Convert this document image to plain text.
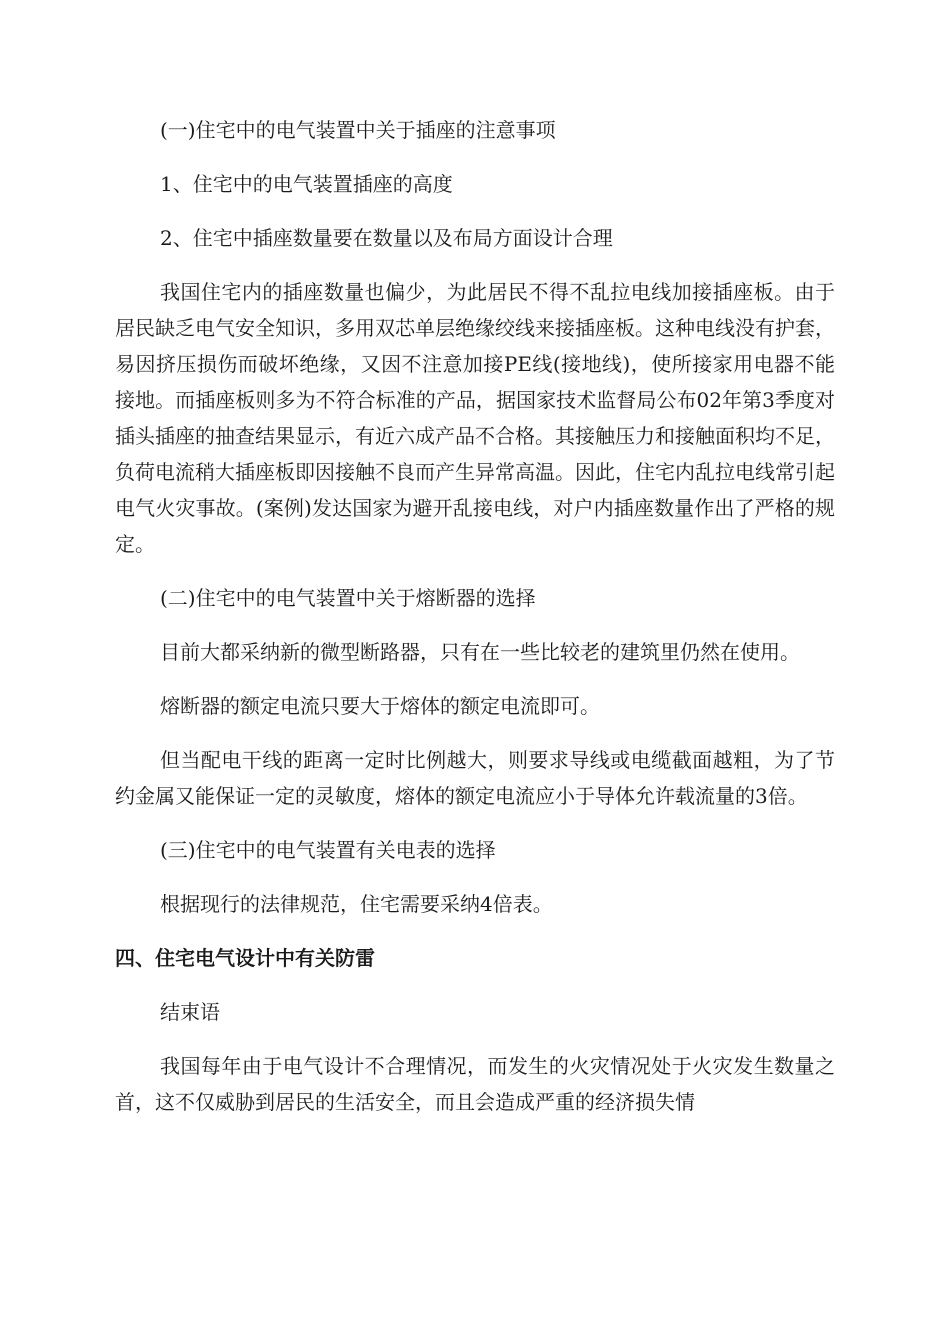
(一)住宅中的电气装置中关于插座的注意事项

1、住宅中的电气装置插座的高度

2、住宅中插座数量要在数量以及布局方面设计合理

我国住宅内的插座数量也偏少，为此居民不得不乱拉电线加接插座板。由于居民缺乏电气安全知识，多用双芯单层绝缘绞线来接插座板。这种电线没有护套，易因挤压损伤而破坏绝缘，又因不注意加接PE线(接地线)，使所接家用电器不能接地。而插座板则多为不符合标准的产品，据国家技术监督局公布02年第3季度对插头插座的抽查结果显示，有近六成产品不合格。其接触压力和接触面积均不足，负荷电流稍大插座板即因接触不良而产生异常高温。因此，住宅内乱拉电线常引起电气火灾事故。(案例)发达国家为避开乱接电线，对户内插座数量作出了严格的规定。

(二)住宅中的电气装置中关于熔断器的选择

目前大都采纳新的微型断路器，只有在一些比较老的建筑里仍然在使用。

熔断器的额定电流只要大于熔体的额定电流即可。

但当配电干线的距离一定时比例越大，则要求导线或电缆截面越粗，为了节约金属又能保证一定的灵敏度，熔体的额定电流应小于导体允许载流量的3倍。

(三)住宅中的电气装置有关电表的选择

根据现行的法律规范，住宅需要采纳4倍表。

四、住宅电气设计中有关防雷

结束语

我国每年由于电气设计不合理情况，而发生的火灾情况处于火灾发生数量之首，这不仅威胁到居民的生活安全，而且会造成严重的经济损失情
